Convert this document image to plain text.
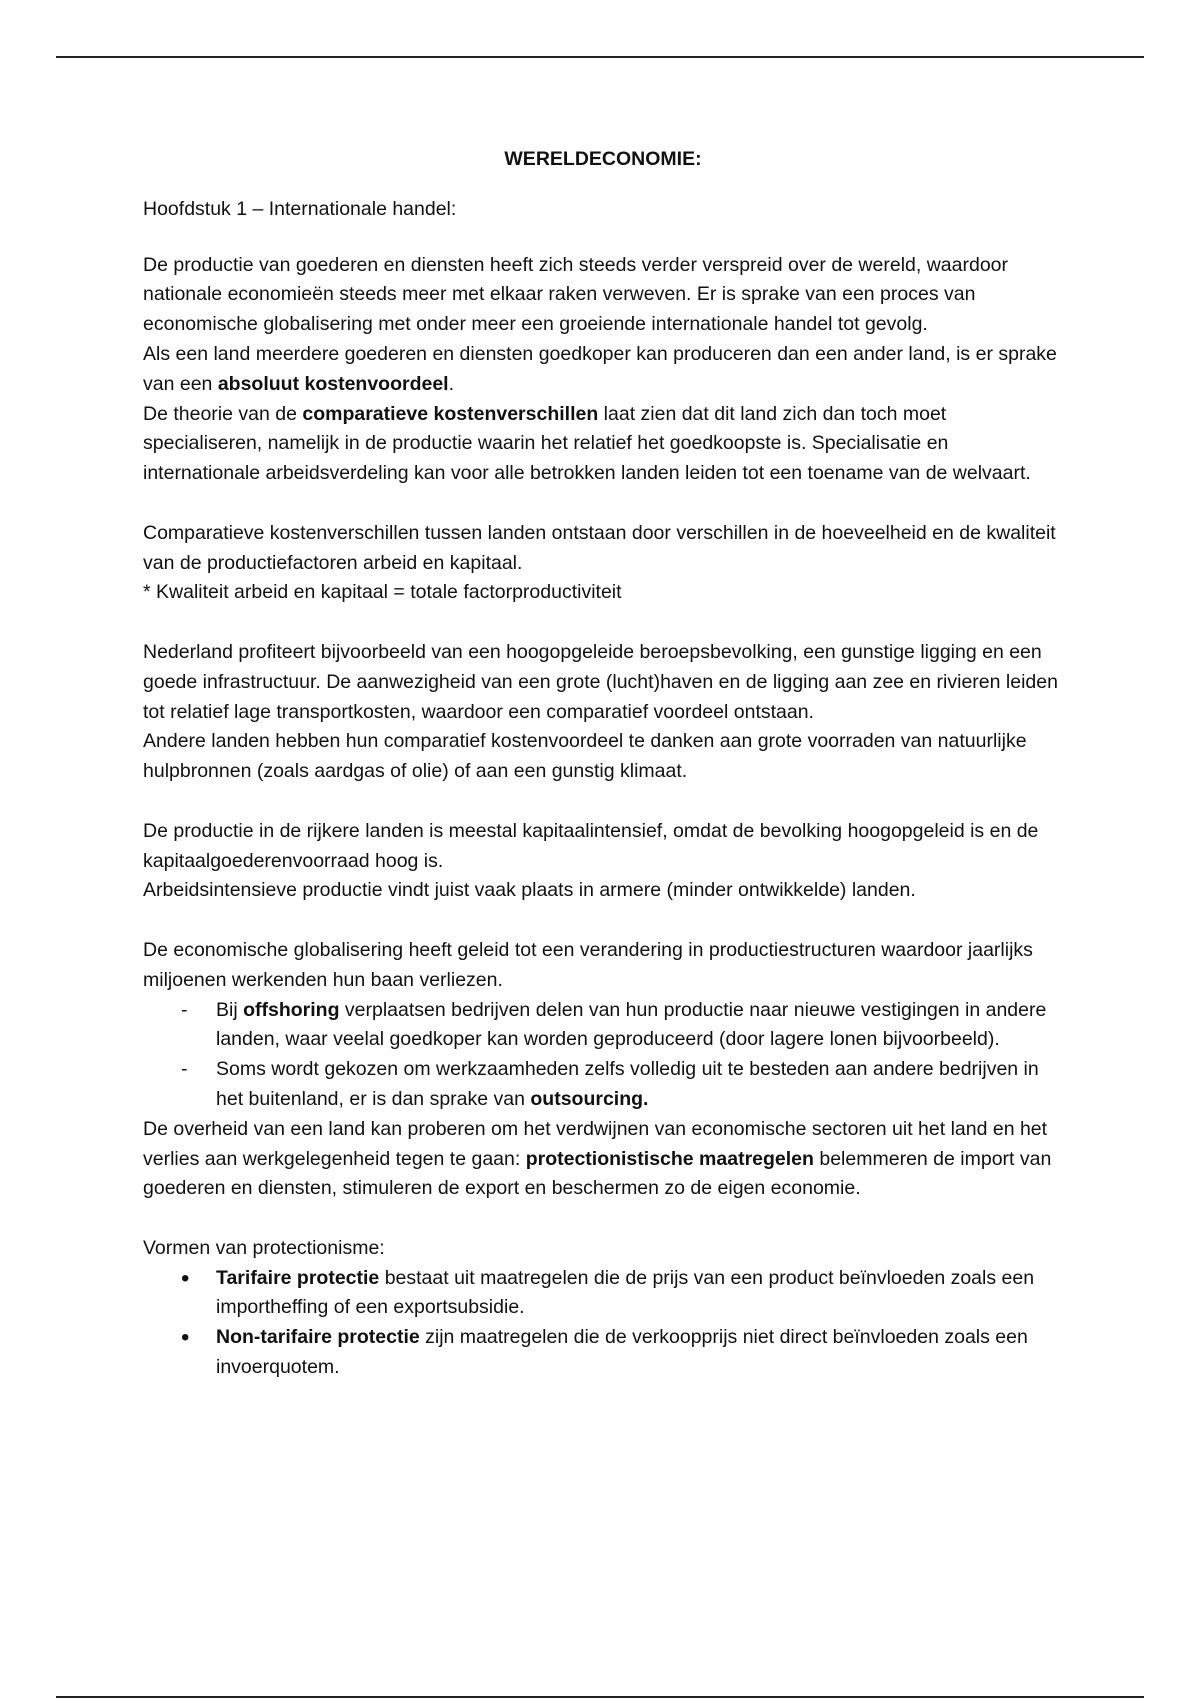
WERELDECONOMIE:

Hoofdstuk 1 – Internationale handel:

De productie van goederen en diensten heeft zich steeds verder verspreid over de wereld, waardoor nationale economieën steeds meer met elkaar raken verweven. Er is sprake van een proces van economische globalisering met onder meer een groeiende internationale handel tot gevolg.

Als een land meerdere goederen en diensten goedkoper kan produceren dan een ander land, is er sprake van een absoluut kostenvoordeel.

De theorie van de comparatieve kostenverschillen laat zien dat dit land zich dan toch moet specialiseren, namelijk in de productie waarin het relatief het goedkoopste is. Specialisatie en internationale arbeidsverdeling kan voor alle betrokken landen leiden tot een toename van de welvaart.

Comparatieve kostenverschillen tussen landen ontstaan door verschillen in de hoeveelheid en de kwaliteit van de productiefactoren arbeid en kapitaal.

* Kwaliteit arbeid en kapitaal = totale factorproductiviteit

Nederland profiteert bijvoorbeeld van een hoogopgeleide beroepsbevolking, een gunstige ligging en een goede infrastructuur. De aanwezigheid van een grote (lucht)haven en de ligging aan zee en rivieren leiden tot relatief lage transportkosten, waardoor een comparatief voordeel ontstaan.

Andere landen hebben hun comparatief kostenvoordeel te danken aan grote voorraden van natuurlijke hulpbronnen (zoals aardgas of olie) of aan een gunstig klimaat.

De productie in de rijkere landen is meestal kapitaalintensief, omdat de bevolking hoogopgeleid is en de kapitaalgoederenvoorraad hoog is.

Arbeidsintensieve productie vindt juist vaak plaats in armere (minder ontwikkelde) landen.

De economische globalisering heeft geleid tot een verandering in productiestructuren waardoor jaarlijks miljoenen werkenden hun baan verliezen.

-
Bij offshoring verplaatsen bedrijven delen van hun productie naar nieuwe vestigingen in andere landen, waar veelal goedkoper kan worden geproduceerd (door lagere lonen bijvoorbeeld).
-
Soms wordt gekozen om werkzaamheden zelfs volledig uit te besteden aan andere bedrijven in het buitenland, er is dan sprake van outsourcing.

De overheid van een land kan proberen om het verdwijnen van economische sectoren uit het land en het verlies aan werkgelegenheid tegen te gaan: protectionistische maatregelen belemmeren de import van goederen en diensten, stimuleren de export en beschermen zo de eigen economie.

Vormen van protectionisme:

•
Tarifaire protectie bestaat uit maatregelen die de prijs van een product beïnvloeden zoals een importheffing of een exportsubsidie.
•
Non-tarifaire protectie zijn maatregelen die de verkoopprijs niet direct beïnvloeden zoals een invoerquotem.
